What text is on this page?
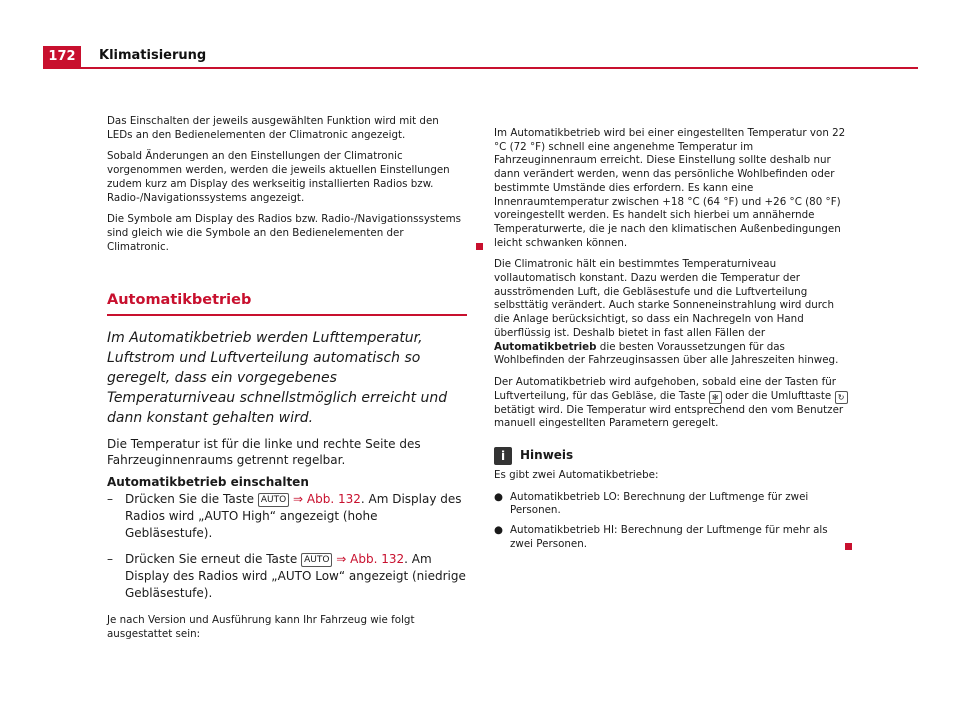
172	Klimatisierung

Das Einschalten der jeweils ausgewählten Funktion wird mit den LEDs an den Bedienelementen der Climatronic angezeigt.

Sobald Änderungen an den Einstellungen der Climatronic vorgenommen werden, werden die jeweils aktuellen Einstellungen zudem kurz am Display des werkseitig installierten Radios bzw. Radio-/Navigationssystems angezeigt.

Die Symbole am Display des Radios bzw. Radio-/Navigationssystems sind gleich wie die Symbole an den Bedienelementen der Climatronic.

Automatikbetrieb

Im Automatikbetrieb werden Lufttemperatur, Luftstrom und Luftverteilung automatisch so geregelt, dass ein vorgegebenes Temperaturniveau schnellstmöglich erreicht und dann konstant gehalten wird.

Die Temperatur ist für die linke und rechte Seite des Fahrzeuginnenraums getrennt regelbar.

Automatikbetrieb einschalten
–	Drücken Sie die Taste AUTO ⇒ Abb. 132. Am Display des Radios wird „AUTO High“ angezeigt (hohe Gebläsestufe).
–	Drücken Sie erneut die Taste AUTO ⇒ Abb. 132. Am Display des Radios wird „AUTO Low“ angezeigt (niedrige Gebläsestufe).

Je nach Version und Ausführung kann Ihr Fahrzeug wie folgt ausgestattet sein:

Im Automatikbetrieb wird bei einer eingestellten Temperatur von 22 °C (72 °F) schnell eine angenehme Temperatur im Fahrzeuginnenraum erreicht. Diese Einstellung sollte deshalb nur dann verändert werden, wenn das persönliche Wohlbefinden oder bestimmte Umstände dies erfordern. Es kann eine Innenraumtemperatur zwischen +18 °C (64 °F) und +26 °C (80 °F) voreingestellt werden. Es handelt sich hierbei um annähernde Temperaturwerte, die je nach den klimatischen Außenbedingungen leicht schwanken können.

Die Climatronic hält ein bestimmtes Temperaturniveau vollautomatisch konstant. Dazu werden die Temperatur der ausströmenden Luft, die Gebläsestufe und die Luftverteilung selbsttätig verändert. Auch starke Sonneneinstrahlung wird durch die Anlage berücksichtigt, so dass ein Nachregeln von Hand überflüssig ist. Deshalb bietet in fast allen Fällen der Automatikbetrieb die besten Voraussetzungen für das Wohlbefinden der Fahrzeuginsassen über alle Jahreszeiten hinweg.

Der Automatikbetrieb wird aufgehoben, sobald eine der Tasten für Luftverteilung, für das Gebläse, die Taste ✻ oder die Umlufttaste ↻ betätigt wird. Die Temperatur wird entsprechend den vom Benutzer manuell eingestellten Parametern geregelt.

i	Hinweis

Es gibt zwei Automatikbetriebe:

● Automatikbetrieb LO: Berechnung der Luftmenge für zwei Personen.
● Automatikbetrieb HI: Berechnung der Luftmenge für mehr als zwei Personen.
